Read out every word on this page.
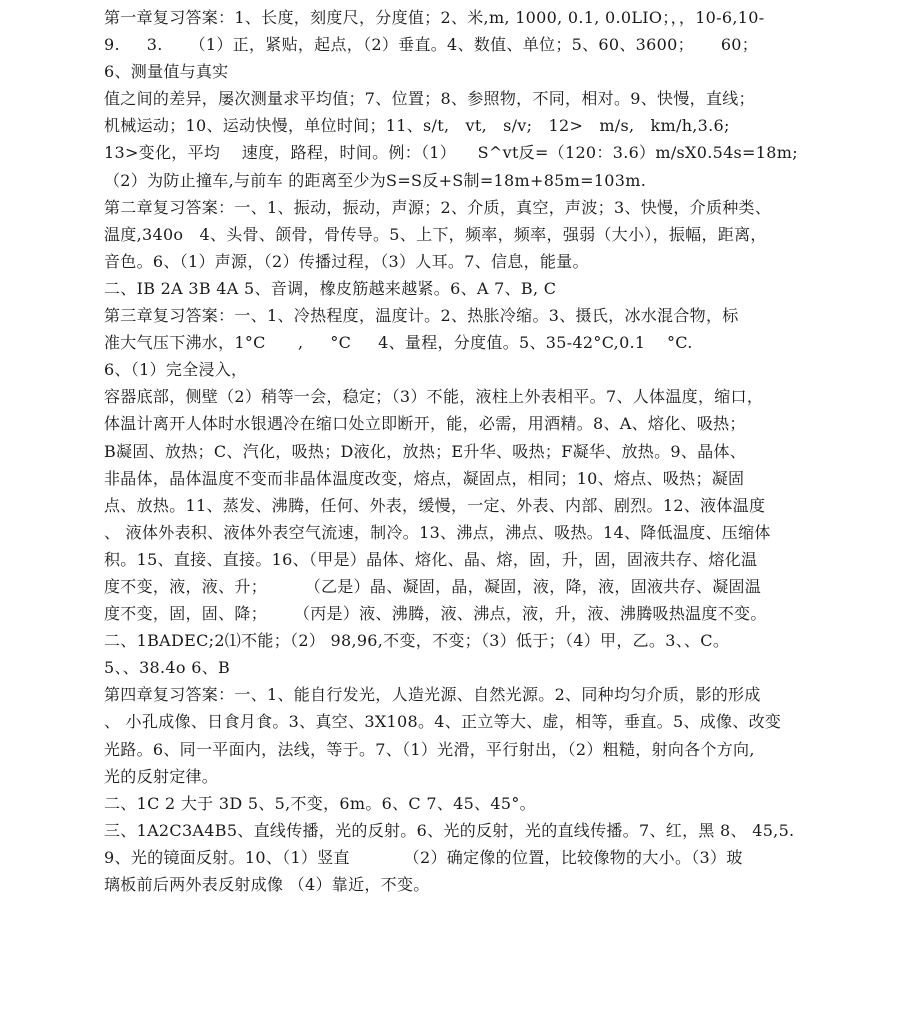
第一章复习答案：1、长度，刻度尺，分度值；2、米,m, 1000, 0.1, 0.0LIO；，，10-6,10-
9.     3.     （1）正，紧贴，起点，（2）垂直。4、数值、单位；5、60、3600；     60；
6、测量值与真实
值之间的差异，屡次测量求平均值；7、位置；8、参照物，不同，相对。9、快慢，直线；
机械运动；10、运动快慢，单位时间；11、s/t,   vt,   s/v;   12>   m/s,   km/h,3.6;
13>变化，平均    速度，路程，时间。例：（1）    S^vt反=（120：3.6）m/sX0.54s=18m;
（2）为防止撞车,与前车 的距离至少为S=S反+S制=18m+85m=103m.
第二章复习答案：一、1、振动，振动，声源；2、介质，真空，声波；3、快慢，介质种类、
温度,340o   4、头骨、颌骨，骨传导。5、上下，频率，频率，强弱（大小），振幅，距离，
音色。6、（1）声源，（2）传播过程，（3）人耳。7、信息，能量。
二、IB 2A 3B 4A 5、音调，橡皮筋越来越紧。6、A 7、B, C
第三章复习答案：一、1、冷热程度，温度计。2、热胀冷缩。3、摄氏，冰水混合物，标
准大气压下沸水，1°C      ,     °C     4、量程，分度值。5、35-42°C,0.1    °C.
6、（1）完全浸入，
容器底部，侧壁（2）稍等一会，稳定；（3）不能，液柱上外表相平。7、人体温度，缩口，
体温计离开人体时水银遇冷在缩口处立即断开，能，必需，用酒精。8、A、熔化、吸热；
B凝固、放热；C、汽化，吸热；D液化，放热；E升华、吸热；F凝华、放热。9、晶体、
非晶体，晶体温度不变而非晶体温度改变，熔点，凝固点，相同；10、熔点、吸热；凝固
点、放热。11、蒸发、沸腾，任何、外表，缓慢，一定、外表、内部、剧烈。12、液体温度
、 液体外表积、液体外表空气流速，制冷。13、沸点，沸点、吸热。14、降低温度、压缩体
积。15、直接、直接。16、（甲是）晶体、熔化、晶、熔，固，升，固，固液共存、熔化温
度不变，液，液、升；       （乙是）晶、凝固，晶，凝固，液，降，液，固液共存、凝固温
度不变，固，固、降；     （丙是）液、沸腾，液、沸点，液，升，液、沸腾吸热温度不变。
二、1BADEC;2⑴不能；（2） 98,96,不变，不变；（3）低于；（4）甲，乙。3、、C。
5、、38.4o 6、B
第四章复习答案：一、1、能自行发光，人造光源、自然光源。2、同种均匀介质，影的形成
、 小孔成像、日食月食。3、真空、3X108。4、正立等大、虚，相等，垂直。5、成像、改变
光路。6、同一平面内，法线，等于。7、（1）光滑，平行射出，（2）粗糙，射向各个方向,
光的反射定律。
二、1C 2 大于 3D 5、5,不变，6m。6、C 7、45、45°。
三、1A2C3A4B5、直线传播，光的反射。6、光的反射，光的直线传播。7、红，黑 8、 45,5.
9、光的镜面反射。10、（1）竖直          （2）确定像的位置，比较像物的大小。（3）玻
璃板前后两外表反射成像 （4）靠近，不变。
